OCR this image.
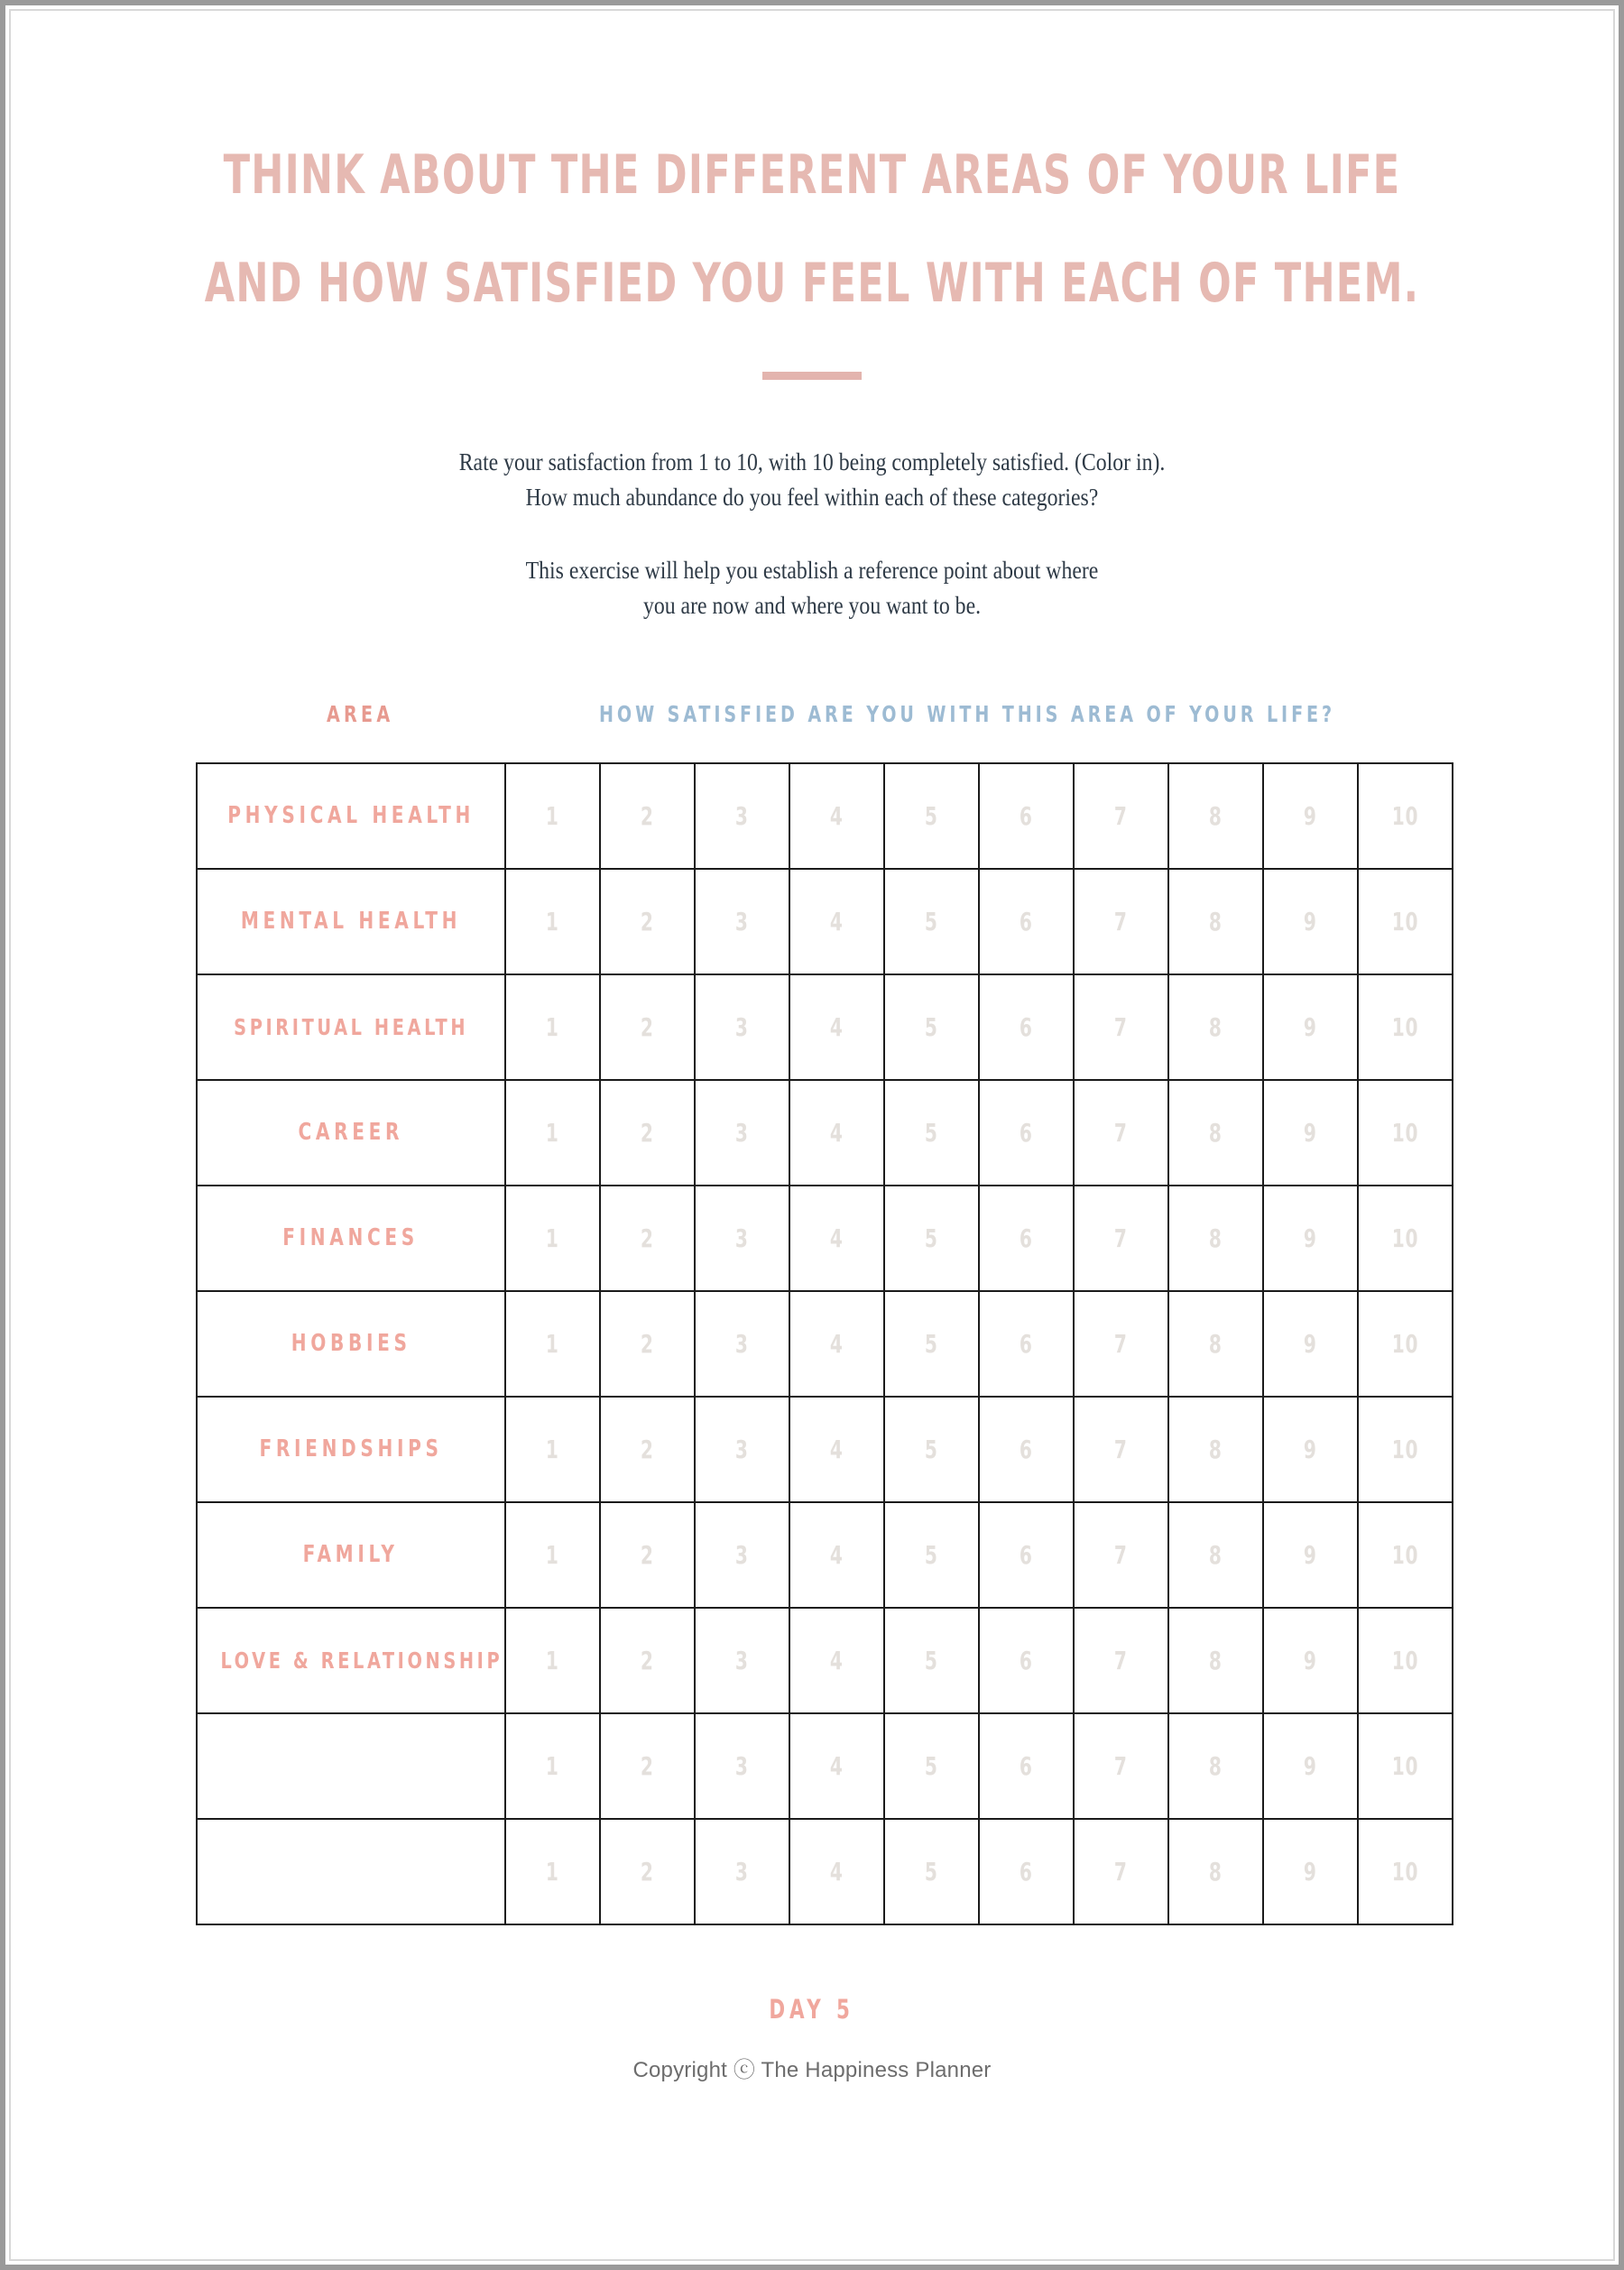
THINK ABOUT THE DIFFERENT AREAS OF YOUR LIFE
AND HOW SATISFIED YOU FEEL WITH EACH OF THEM.

Rate your satisfaction from 1 to 10, with 10 being completely satisfied. (Color in).

How much abundance do you feel within each of these categories?

This exercise will help you establish a reference point about where

you are now and where you want to be.

AREA	HOW SATISFIED ARE YOU WITH THIS AREA OF YOUR LIFE?
PHYSICAL HEALTH	1	2	3	4	5	6	7	8	9	10
MENTAL HEALTH	1	2	3	4	5	6	7	8	9	10
SPIRITUAL HEALTH	1	2	3	4	5	6	7	8	9	10
CAREER	1	2	3	4	5	6	7	8	9	10
FINANCES	1	2	3	4	5	6	7	8	9	10
HOBBIES	1	2	3	4	5	6	7	8	9	10
FRIENDSHIPS	1	2	3	4	5	6	7	8	9	10
FAMILY	1	2	3	4	5	6	7	8	9	10
LOVE & RELATIONSHIP	1	2	3	4	5	6	7	8	9	10
	1	2	3	4	5	6	7	8	9	10
	1	2	3	4	5	6	7	8	9	10
DAY 5
Copyright ⓒ The Happiness Planner
